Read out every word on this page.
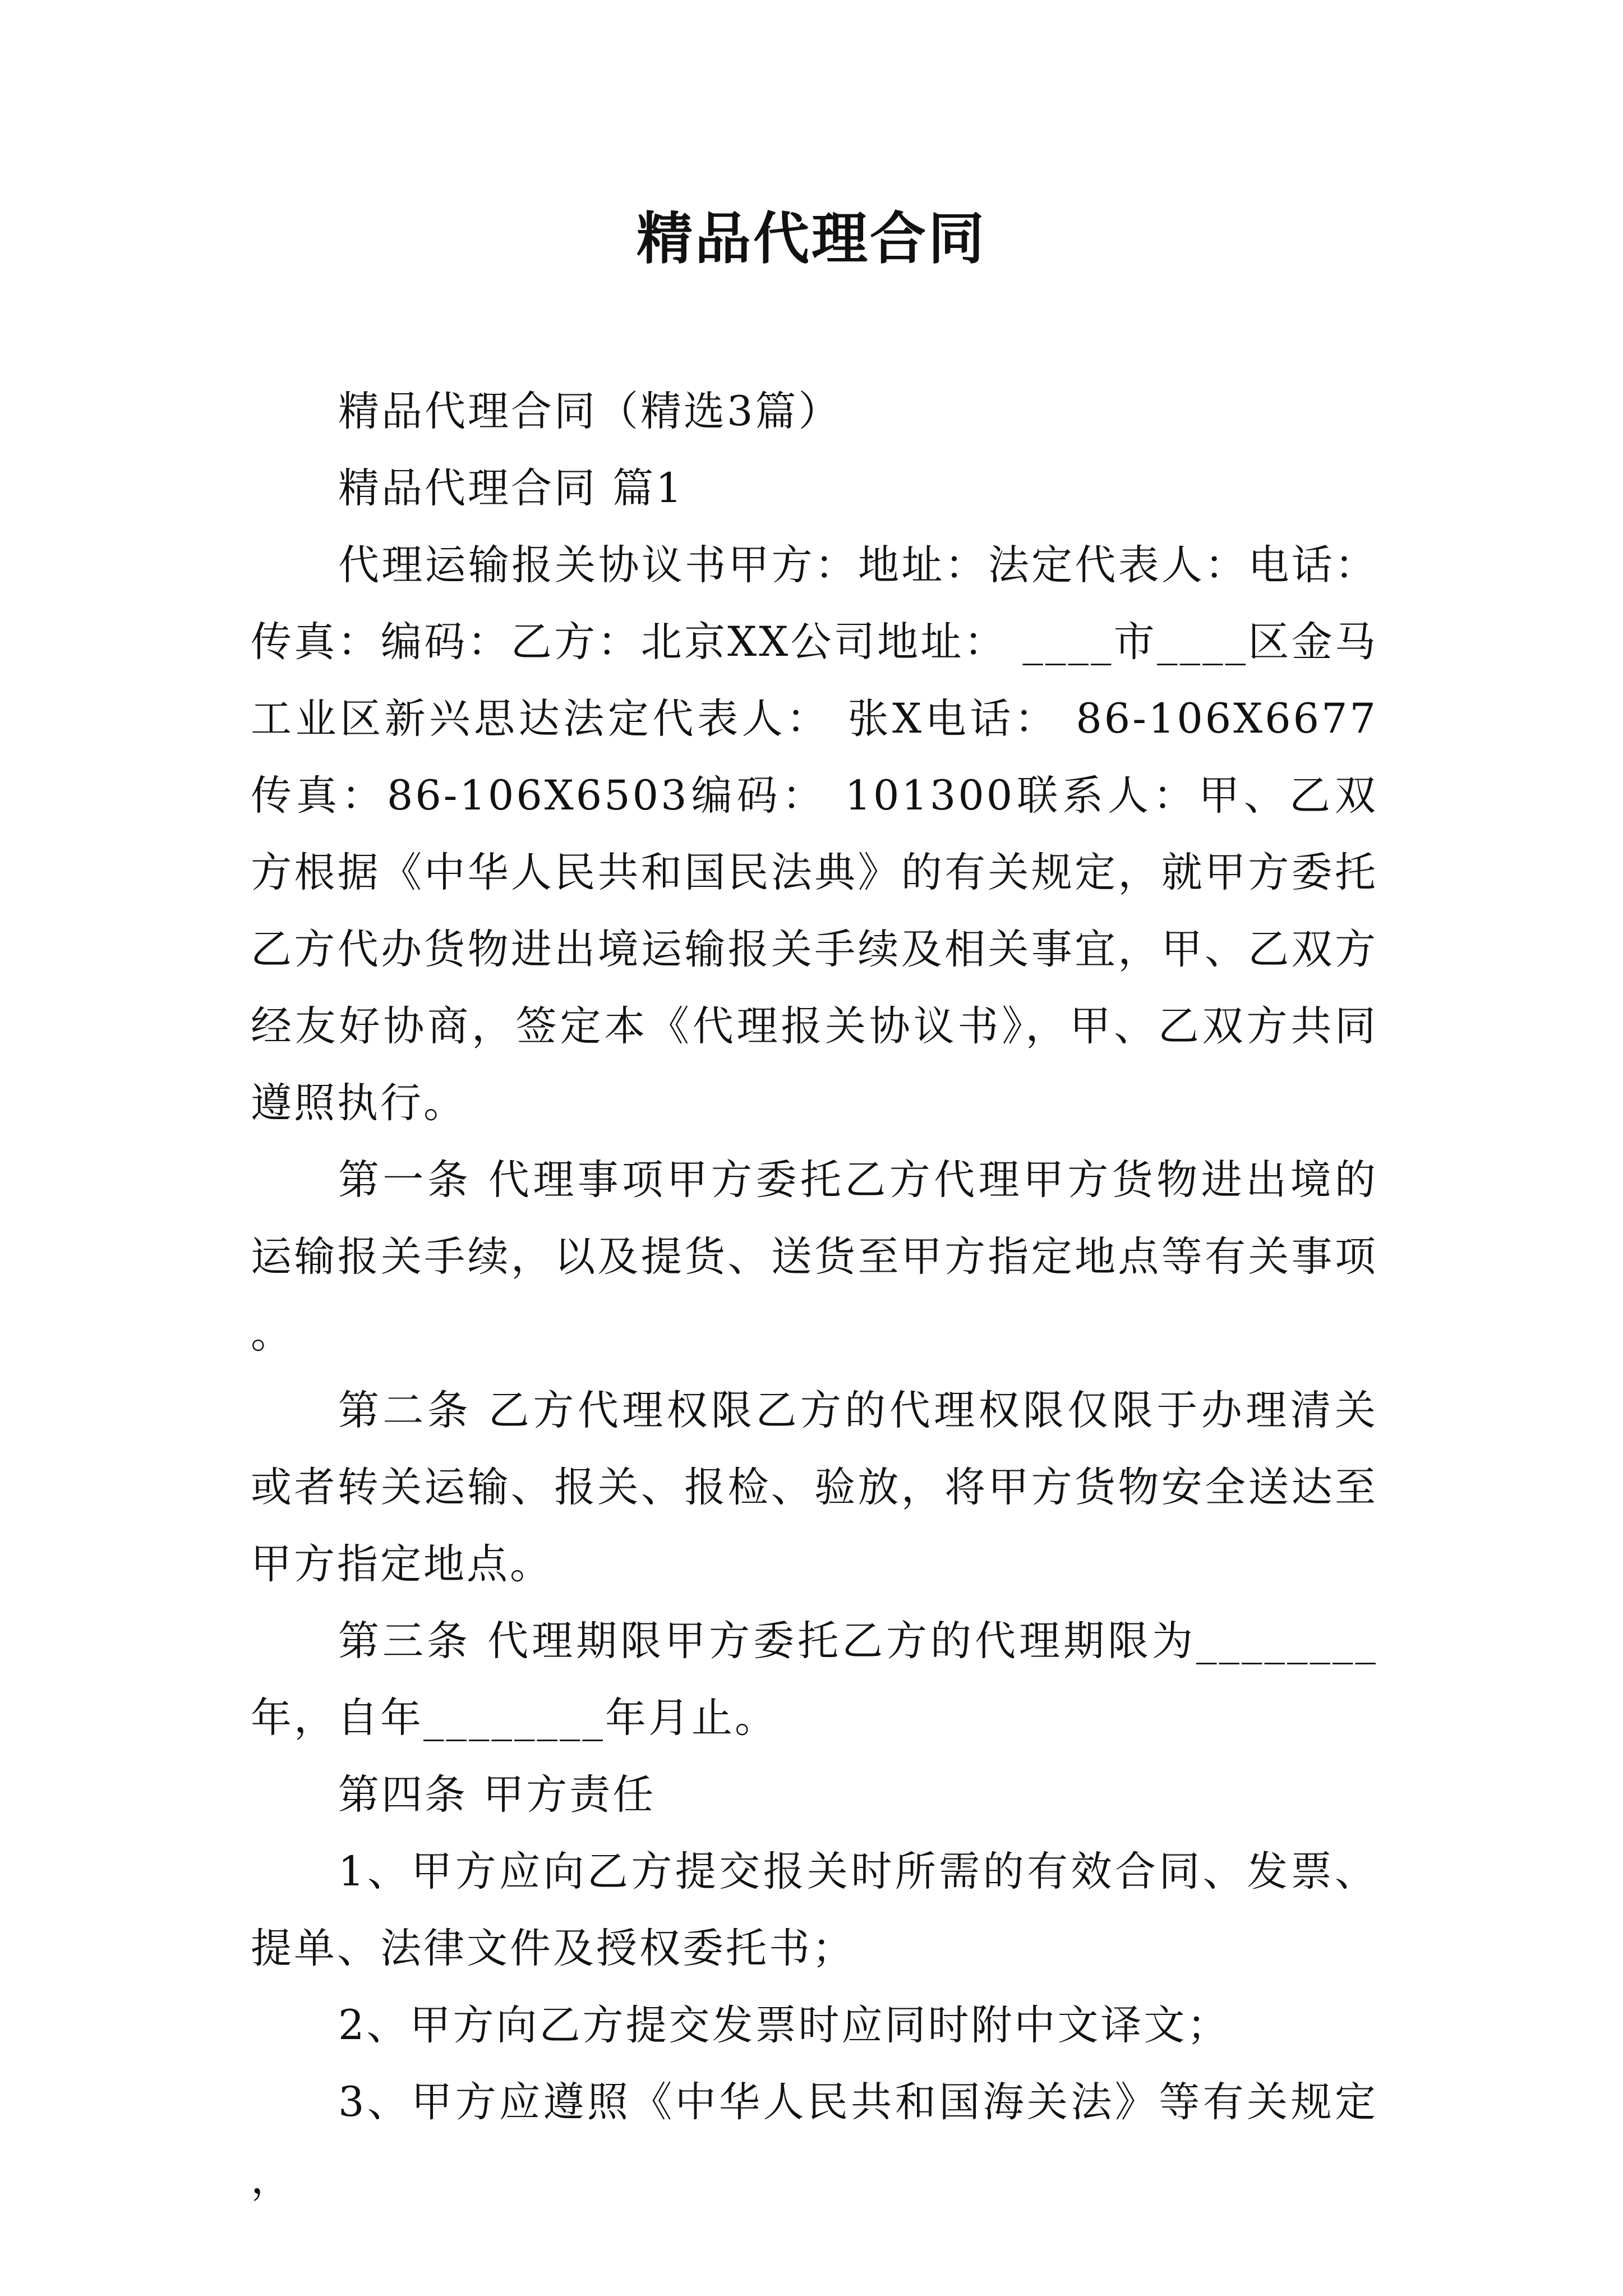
精品代理合同

精品代理合同（精选3篇）

精品代理合同 篇1

代理运输报关协议书甲方：地址：法定代表人：电话：传真：编码：乙方：北京XX公司地址： ____市____区金马工业区新兴思达法定代表人： 张X电话： 86-106X6677传真：86-106X6503编码： 101300联系人：甲、乙双方根据《中华人民共和国民法典》的有关规定，就甲方委托乙方代办货物进出境运输报关手续及相关事宜，甲、乙双方经友好协商，签定本《代理报关协议书》，甲、乙双方共同遵照执行。

第一条 代理事项甲方委托乙方代理甲方货物进出境的运输报关手续，以及提货、送货至甲方指定地点等有关事项。

第二条 乙方代理权限乙方的代理权限仅限于办理清关或者转关运输、报关、报检、验放，将甲方货物安全送达至甲方指定地点。

第三条 代理期限甲方委托乙方的代理期限为________年，自年________年月止。

第四条 甲方责任

1、甲方应向乙方提交报关时所需的有效合同、发票、提单、法律文件及授权委托书；

2、甲方向乙方提交发票时应同时附中文译文；

3、甲方应遵照《中华人民共和国海关法》等有关规定，
